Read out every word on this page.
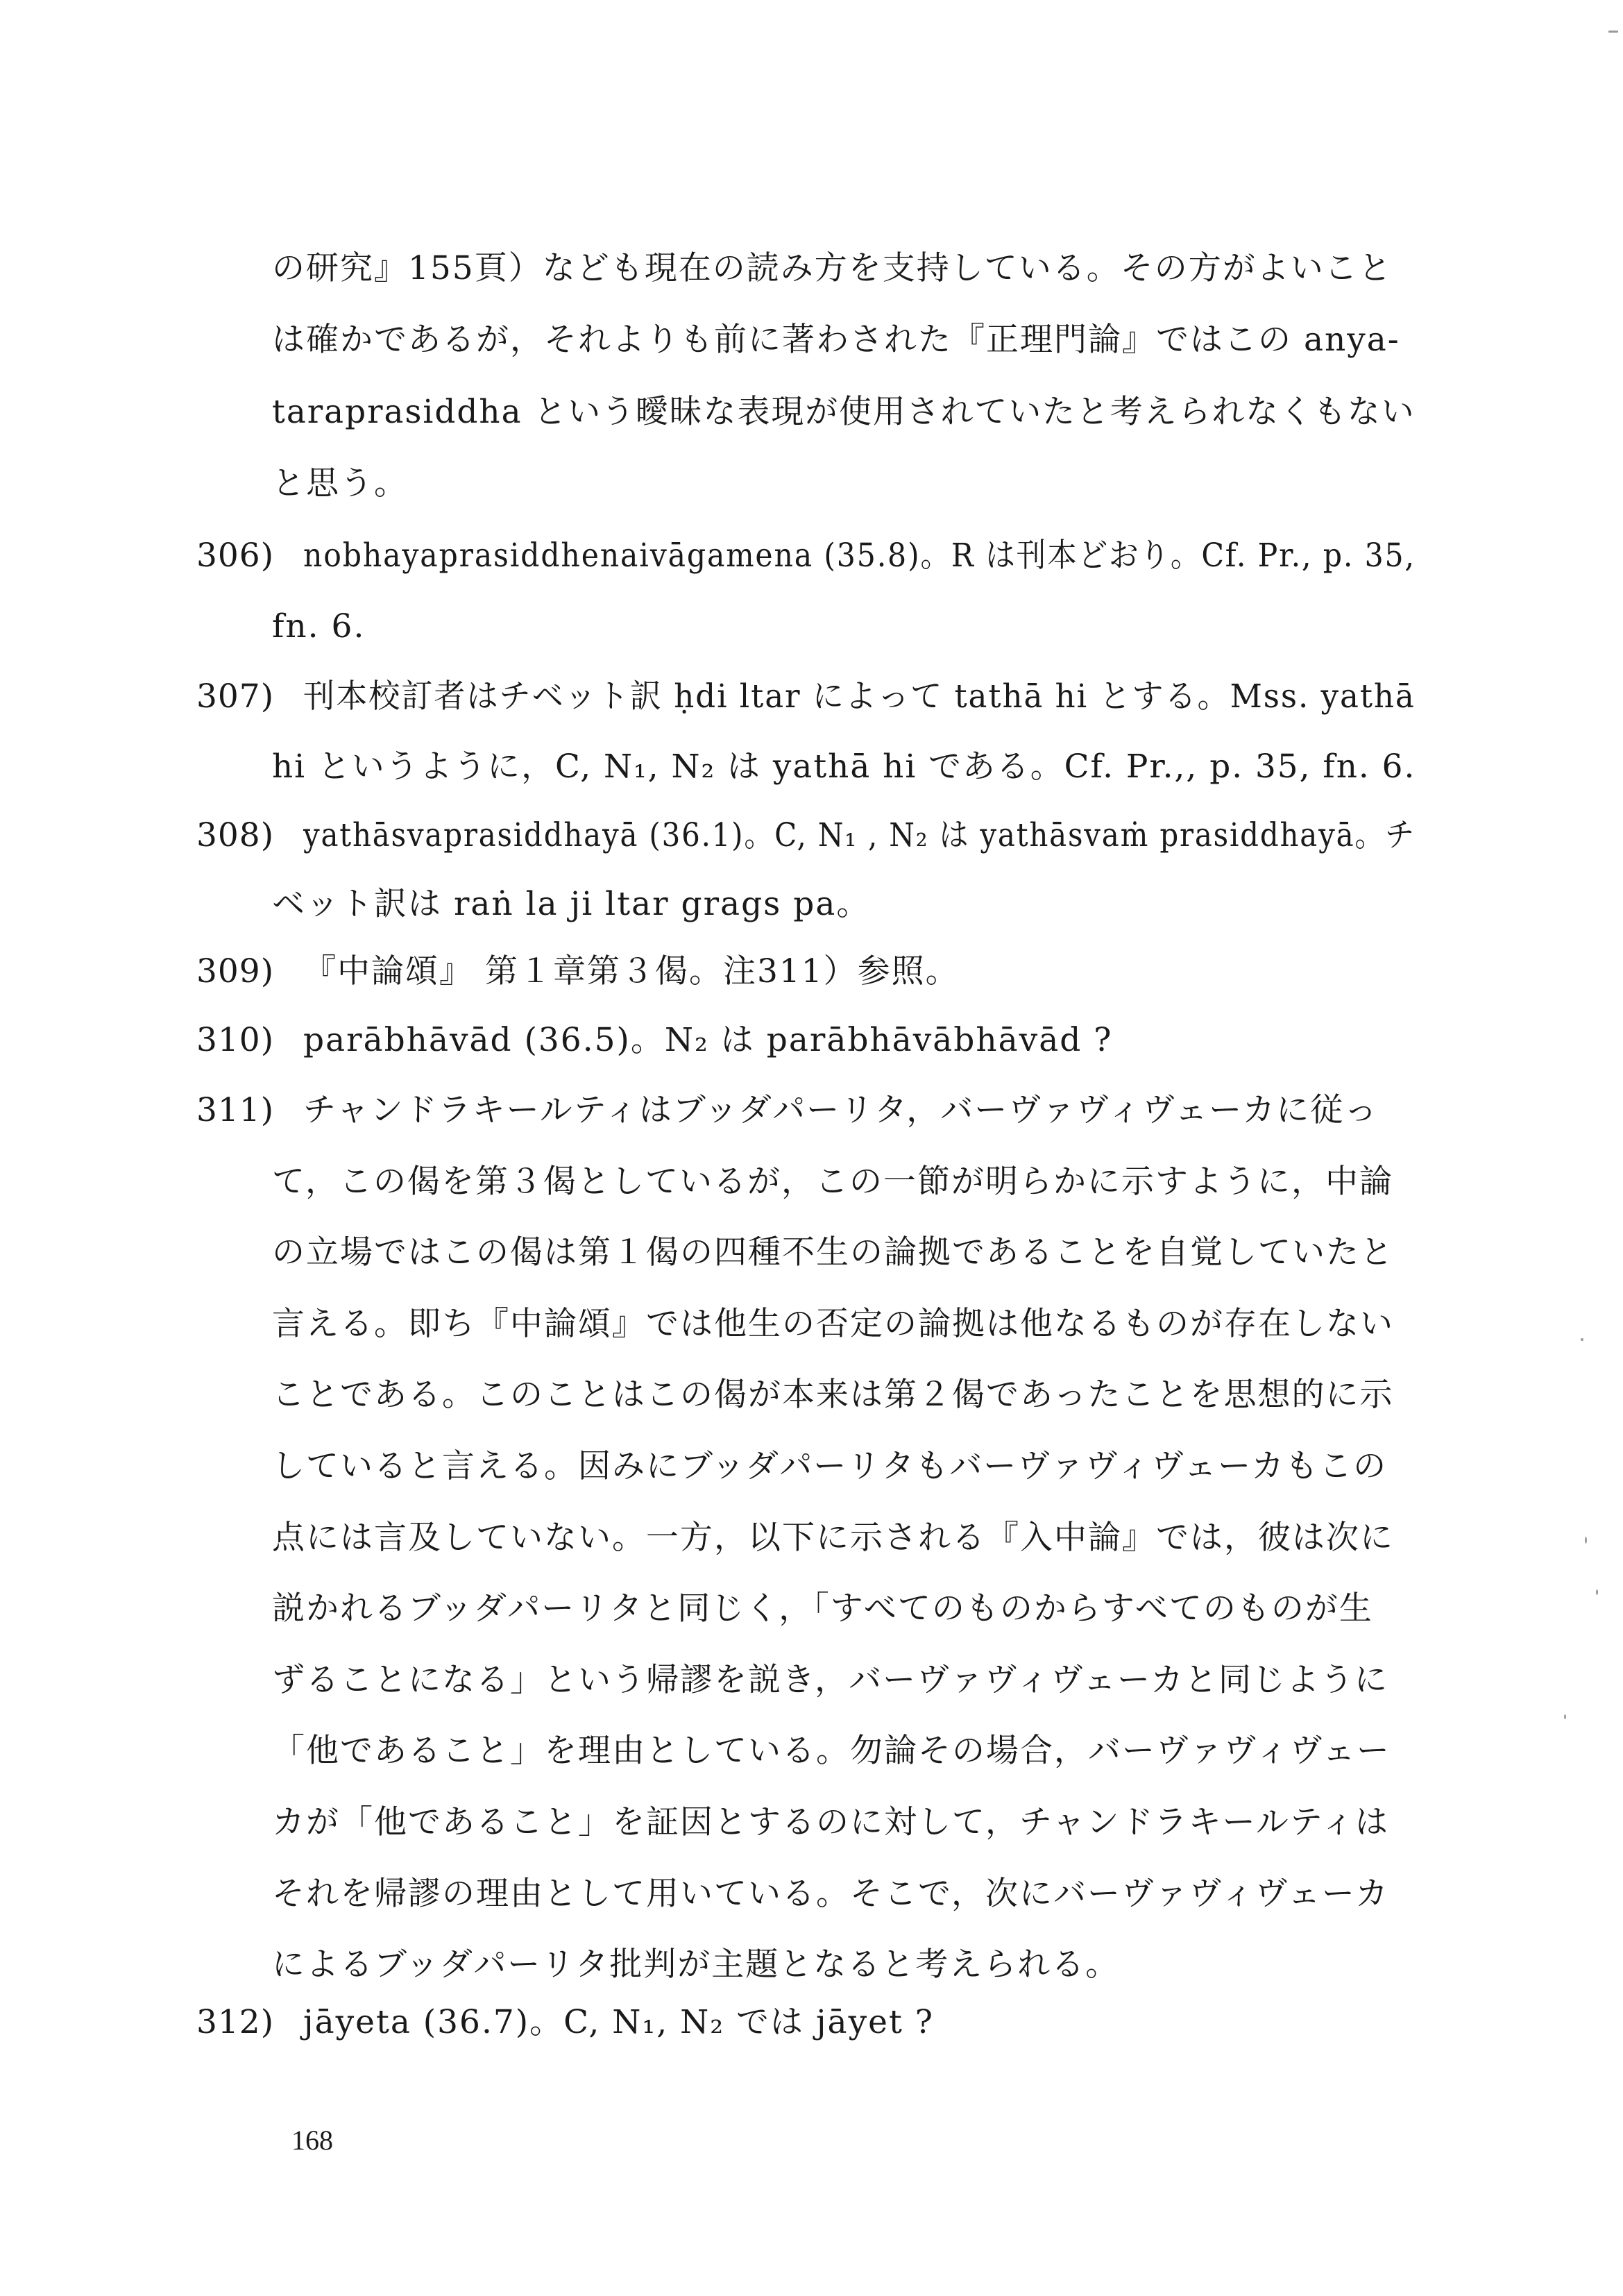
の研究』155頁）なども現在の読み方を支持している。その方がよいこと
は確かであるが，それよりも前に著わされた『正理門論』ではこの anya-
taraprasiddha という曖昧な表現が使用されていたと考えられなくもない
と思う。
306) nobhayaprasiddhenaivāgamena (35.8)。R は刊本どおり。Cf. Pr., p. 35,
fn. 6.
307) 刊本校訂者はチベット訳 ḥdi ltar によって tathā hi とする。Mss. yathā
hi というように，C, N₁, N₂ は yathā hi である。Cf. Pr.,, p. 35, fn. 6.
308) yathāsvaprasiddhayā (36.1)。C, N₁ , N₂ は yathāsvaṁ prasiddhayā。チ
ベット訳は raṅ la ji ltar grags pa。
309) 『中論頌』 第１章第３偈。注311）参照。
310) parābhāvād (36.5)。N₂ は parābhāvābhāvād ?
311) チャンドラキールティはブッダパーリタ，バーヴァヴィヴェーカに従っ
て，この偈を第３偈としているが，この一節が明らかに示すように，中論
の立場ではこの偈は第１偈の四種不生の論拠であることを自覚していたと
言える。即ち『中論頌』では他生の否定の論拠は他なるものが存在しない
ことである。このことはこの偈が本来は第２偈であったことを思想的に示
していると言える。因みにブッダパーリタもバーヴァヴィヴェーカもこの
点には言及していない。一方，以下に示される『入中論』では，彼は次に
説かれるブッダパーリタと同じく，「すべてのものからすべてのものが生
ずることになる」という帰謬を説き，バーヴァヴィヴェーカと同じように
「他であること」を理由としている。勿論その場合，バーヴァヴィヴェー
カが「他であること」を証因とするのに対して，チャンドラキールティは
それを帰謬の理由として用いている。そこで，次にバーヴァヴィヴェーカ
によるブッダパーリタ批判が主題となると考えられる。
312) jāyeta (36.7)。C, N₁, N₂ では jāyet ?
168
